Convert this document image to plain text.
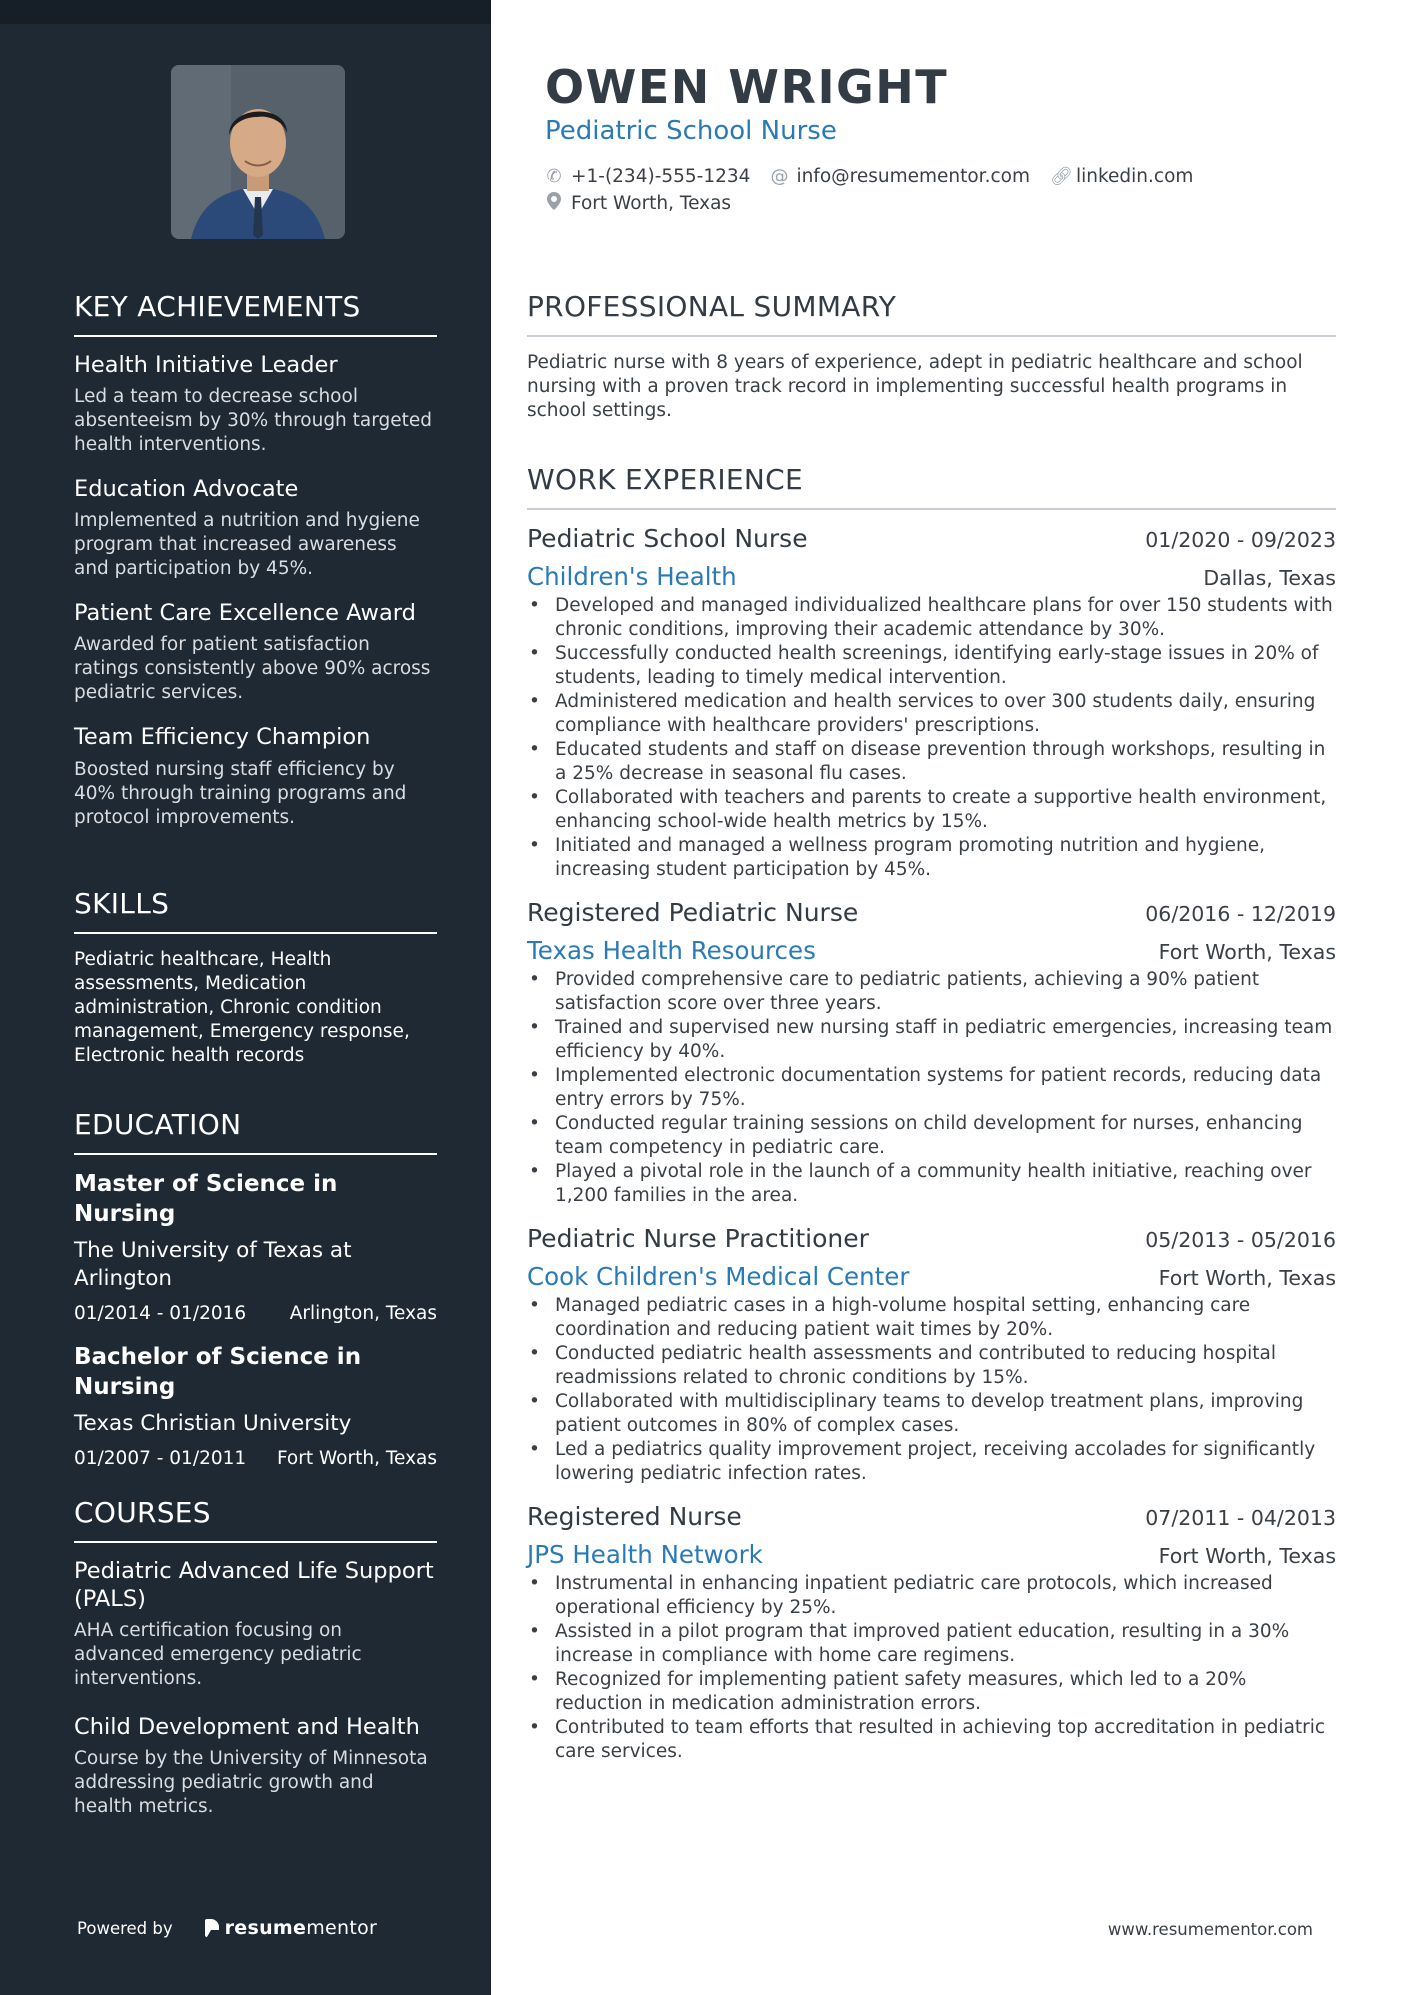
KEY ACHIEVEMENTS
Health Initiative Leader
Led a team to decrease school absenteeism by 30% through targeted health interventions.
Education Advocate
Implemented a nutrition and hygiene program that increased awareness and participation by 45%.
Patient Care Excellence Award
Awarded for patient satisfaction ratings consistently above 90% across pediatric services.
Team Efficiency Champion
Boosted nursing staff efficiency by 40% through training programs and protocol improvements.
SKILLS
Pediatric healthcare, Health assessments, Medication administration, Chronic condition management, Emergency response, Electronic health records
EDUCATION
Master of Science in Nursing
The University of Texas at Arlington
01/2014 - 01/2016 Arlington, Texas
Bachelor of Science in Nursing
Texas Christian University
01/2007 - 01/2011 Fort Worth, Texas
COURSES
Pediatric Advanced Life Support (PALS)
AHA certification focusing on advanced emergency pediatric interventions.
Child Development and Health
Course by the University of Minnesota addressing pediatric growth and health metrics.
Powered by	resume mentor
OWEN WRIGHT
Pediatric School Nurse
✆ +1-(234)-555-1234 @ info@resumementor.com 🔗︎ linkedin.com
Fort Worth, Texas
PROFESSIONAL SUMMARY
Pediatric nurse with 8 years of experience, adept in pediatric healthcare and school nursing with a proven track record in implementing successful health programs in school settings.
WORK EXPERIENCE
Pediatric School Nurse	01/2020 - 09/2023
Children's Health	Dallas, Texas
• Developed and managed individualized healthcare plans for over 150 students with chronic conditions, improving their academic attendance by 30%.
• Successfully conducted health screenings, identifying early-stage issues in 20% of students, leading to timely medical intervention.
• Administered medication and health services to over 300 students daily, ensuring compliance with healthcare providers' prescriptions.
• Educated students and staff on disease prevention through workshops, resulting in a 25% decrease in seasonal flu cases.
• Collaborated with teachers and parents to create a supportive health environment, enhancing school-wide health metrics by 15%.
• Initiated and managed a wellness program promoting nutrition and hygiene, increasing student participation by 45%.
Registered Pediatric Nurse	06/2016 - 12/2019
Texas Health Resources	Fort Worth, Texas
• Provided comprehensive care to pediatric patients, achieving a 90% patient satisfaction score over three years.
• Trained and supervised new nursing staff in pediatric emergencies, increasing team efficiency by 40%.
• Implemented electronic documentation systems for patient records, reducing data entry errors by 75%.
• Conducted regular training sessions on child development for nurses, enhancing team competency in pediatric care.
• Played a pivotal role in the launch of a community health initiative, reaching over 1,200 families in the area.
Pediatric Nurse Practitioner	05/2013 - 05/2016
Cook Children's Medical Center	Fort Worth, Texas
• Managed pediatric cases in a high-volume hospital setting, enhancing care coordination and reducing patient wait times by 20%.
• Conducted pediatric health assessments and contributed to reducing hospital readmissions related to chronic conditions by 15%.
• Collaborated with multidisciplinary teams to develop treatment plans, improving patient outcomes in 80% of complex cases.
• Led a pediatrics quality improvement project, receiving accolades for significantly lowering pediatric infection rates.
Registered Nurse	07/2011 - 04/2013
JPS Health Network	Fort Worth, Texas
• Instrumental in enhancing inpatient pediatric care protocols, which increased operational efficiency by 25%.
• Assisted in a pilot program that improved patient education, resulting in a 30% increase in compliance with home care regimens.
• Recognized for implementing patient safety measures, which led to a 20% reduction in medication administration errors.
• Contributed to team efforts that resulted in achieving top accreditation in pediatric care services.
www.resumementor.com
